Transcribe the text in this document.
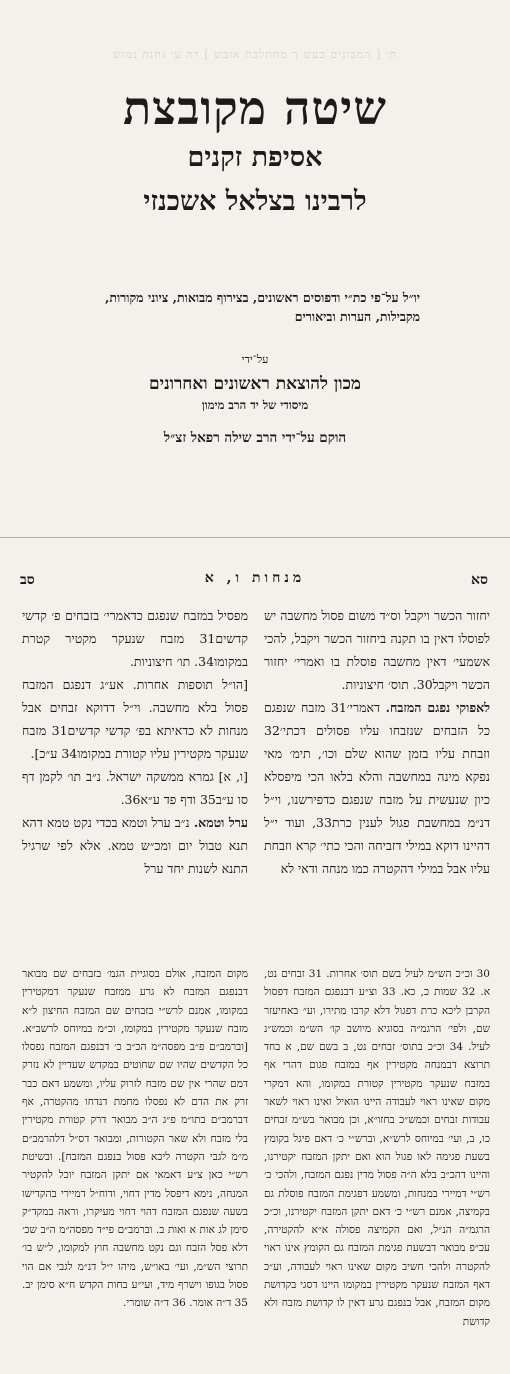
ח׳ [ המבונים בעש ך מחתלבת אובש ] רה ע׳ נחנה נמוש
שיטה מקובצת
אסיפת זקנים
לרבינו בצלאל אשכנזי
יו״ל על־פי כת״י ודפוסים ראשונים, בצירוף מבואות, ציוני מקורות, מקבילות, הערות וביאורים
על־ידי
מכון להוצאת ראשונים ואחרונים
מיסודי של יד הרב מימון
הוקם על־ידי הרב שילה רפאל זצ״ל
סא
מנחות ו, א
סב

יחזור הכשר ויקבל וס״ד משום פסול מחשבה יש לפוסלו דאין בו תקנה ביחזור הכשר ויקבל, להכי אשמעי׳ דאין מחשבה פוסלת בו ואמרי׳ יחזור הכשר ויקבל30. תוס׳ חיצוניות.

לאפוקי נפגם המזבח. דאמרי׳31 מזבח שנפגם כל הזבחים שנזבחו עליו פסולים דכתי׳32 וזבחת עליו בזמן שהוא שלם וכו׳, תימ׳ מאי נפקא מינה במחשבה והלא בלאו הכי מיפסלא כיון שנעשית על מזבח שנפגם כדפירשנו, וי״ל דנ״מ במחשבת פגול לענין כרת33, ועוד י״ל דהיינו דוקא במילי דזביחה והכי כתי׳ קרא וזבחת עליו אבל במילי דהקטרה כמו מנחה ודאי לא

מפסיל במזבח שנפגם כדאמרי׳ בזבחים פ׳ קדשי קדשים31 מזבח שנעקר מקטיר קטרת במקומו34. תו׳ חיצוניות.

[הו״ל תוספות אחרות. אע״ג דנפגם המזבח פסול בלא מחשבה. וי״ל דדוקא זבחים אבל מנחות לא כדאיתא בפ׳ קדשי קדשים31 מזבח שנעקר מקטירין עליו קטורת במקומו34 ע״כ].

[ו, א] גמרא ממשקה ישראל. נ״ב תו׳ לקמן דף סו ע״ב35 ודף פד ע״א36.

ערל וטמא. נ״ב ערל וטמא בכדי נקט טמא דהא תנא טבול יום ומכ״ש טמא. אלא לפי שרגיל התנא לשנות יחד ערל

30 וכ״כ הש״מ לעיל בשם תוס׳ אחרות. 31 זבחים נט, א. 32 שמות כ, כא. 33 וצ״ע דבנפגם המזבח דפסול הקרבן ליכא כרת דפגול דלא קרבו מתירו, וע״ באחיעזר שם, ולפי׳ הרגמ״ה בסוגיא מיושב קו׳ הש״מ וכמש״נ לעיל. 34 וכ״כ בתוס׳ זבחים נט, ב בשם שם, א בחד תרוצא דבמנחה מקטירין אף במזבח פגום דהרי אף במזבח שנעקר מקטירין קטורת במקומו, והא דמקרי מקום שאינו ראוי לעבודה היינו הואיל ואינו ראוי לשאר עבודות זבחים וכמש״כ בחזו״א, וכן מבואר בש״מ זבחים כו, ב, ועי׳ במיוחס לרש״א, וברש״י כ׳ דאם פיגל בקומץ בשעת פגימה לאו פגול הוא ואם יתקן המזבח יקטירנו, והיינו דהכ״ב בלא ה״ה פסול מדין נפגם המזבח, ולהכי כ׳ רש״י דמיירי במנחות, ומשמע דפגימת המזבח פוסלת גם בקמיצה, אמנם רש״י כ׳ דאם יתקן המזבח יקטירנו, וכ״כ הרגמ״ה הנ״ל, ואם הקמיצה פסולה א״א להקטירה, עכ״פ מבואר דבשעת פגימת המזבח גם הקומץ אינו ראוי להקטרה ולהכי חשיב מקום שאינו ראוי לעבודה, וע״כ דאף המזבח שנעקר מקטירין במקומו היינו דסגי בקדושת מקום המזבח, אבל בנפגם גרע דאין לו קדושת מזבח ולא קדושת
מקום המזבח, אולם בסוגיית הגמ׳ בזבחים שם מבואר דבנפגם המזבח לא גרע ממזבח שנעקר דמקטירין במקומו, אמנם לרש״י בזבחים שם המזבח החיצון ל״א מזבח שנעקר מקטירין במקומו, וכ״מ במיוחס לרשב״א. [וברמב״ם פ״ב מפסה״מ הכ״ב כ׳ דבנפגם המזבח נפסלו כל הקדשים שהיו שם שחוטים במקדש שעדיין לא נזרק דמם שהרי אין שם מזבח לזרוק עליו, ומשמע דאם כבר זרק את הדם לא נפסלו מחמת דנדחו מהקטרה, אף דברמב״ם בתו״מ פ״ג ה״ב מבואר דרק קטורת מקטירין בלי מזבח ולא שאר הקטורות, ומבואר דס״ל דלהרמב״ם מ״מ לגבי הקטרה ליכא פסול בנפגם המזבח]. ובשיטת רש״י כאן צ״ע דאמאי אם יתקן המזבח יוכל להקטיר המנחה, נימא דיפסל מדין דחוי, ודוח״ל דמיירי בהקדישו בשעה שנפגם המזבח דהוי דחוי מעיקרו, וראה במקד״ק סימן לג אות א ואות ב. וברמב״ם פי״ד מפסה״מ ה״ב שכ׳ דלא פסל הזבח וגם נקט מחשבה חוץ למקומו, ל״ש בו׳ תרוצי הש״מ, ועי׳ באו״ש, מיהו י״ל דנ״מ לגבי אם הוי פסול בגופו וישרף מיד, ועי״ע בחות הקדש ח״א סימן יב. 35 ד״ה אומר. 36 ד״ה שומרי.
